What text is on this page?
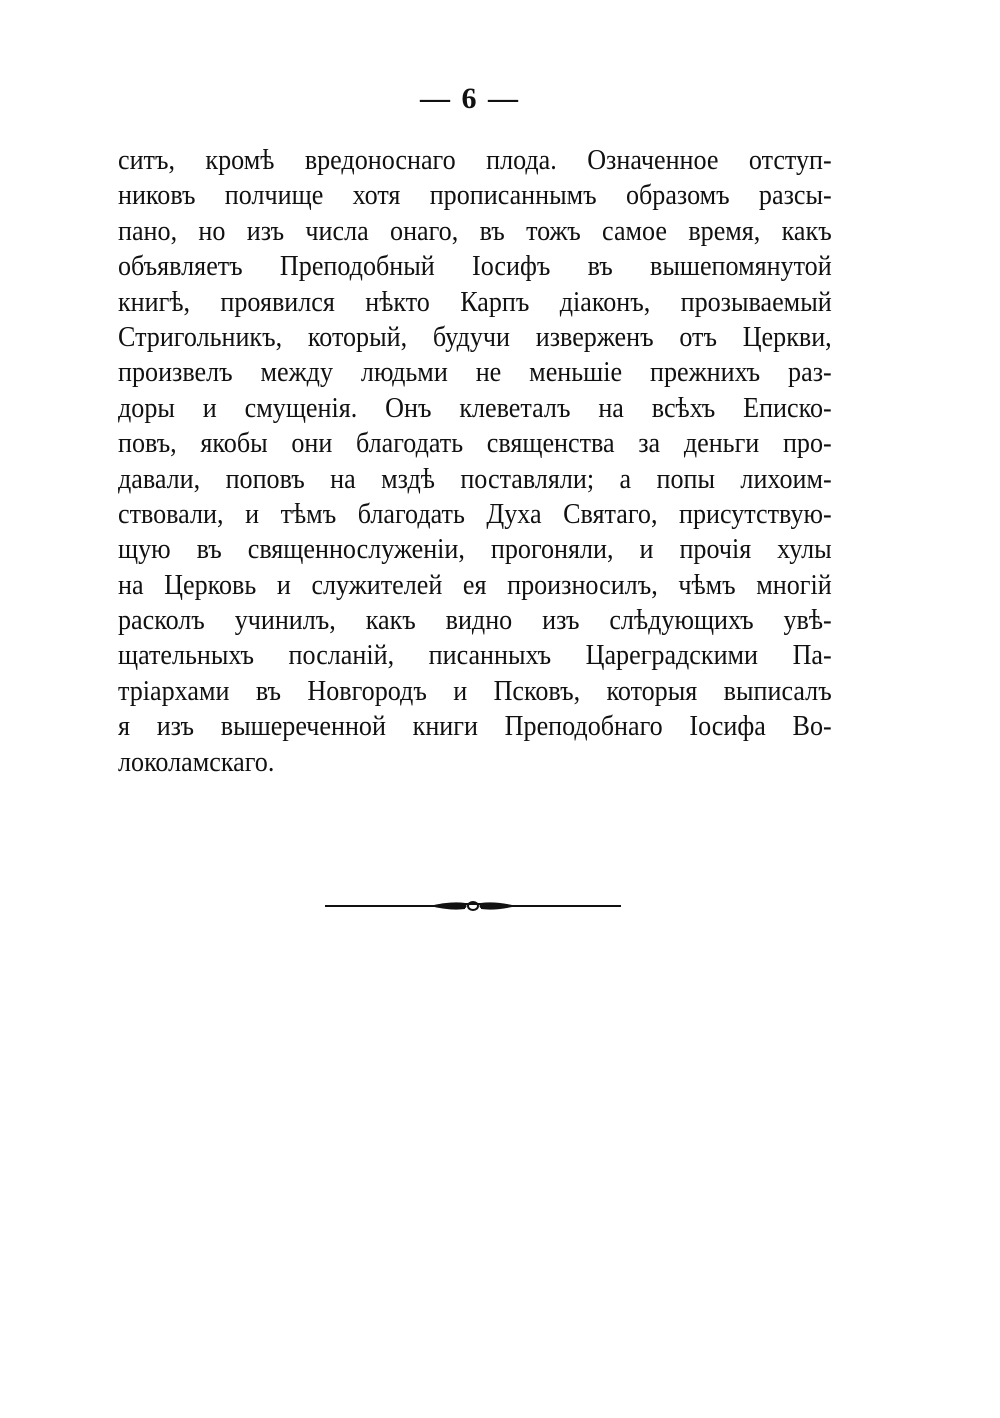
— 6 —
ситъ, кромѣ вредоноснаго плода. Означенное отступ-
никовъ полчище хотя прописаннымъ образомъ разсы-
пано, но изъ числа онаго, въ тожъ самое время, какъ
объявляетъ Преподобный Іосифъ въ вышепомянутой
книгѣ, проявился нѣкто Карпъ діаконъ, прозываемый
Стригольникъ, который, будучи изверженъ отъ Церкви,
произвелъ между людьми не меньшіе прежнихъ раз-
доры и смущенія. Онъ клеветалъ на всѣхъ Еписко-
повъ, якобы они благодать священства за деньги про-
давали, поповъ на мздѣ поставляли; а попы лихоим-
ствовали, и тѣмъ благодать Духа Святаго, присутствую-
щую въ священнослуженіи, прогоняли, и прочія хулы
на Церковь и служителей ея произносилъ, чѣмъ многій
расколъ учинилъ, какъ видно изъ слѣдующихъ увѣ-
щательныхъ посланій, писанныхъ Цареградскими Па-
тріархами въ Новгородъ и Псковъ, которыя выписалъ
я изъ вышереченной книги Преподобнаго Іосифа Во-
локоламскаго.
